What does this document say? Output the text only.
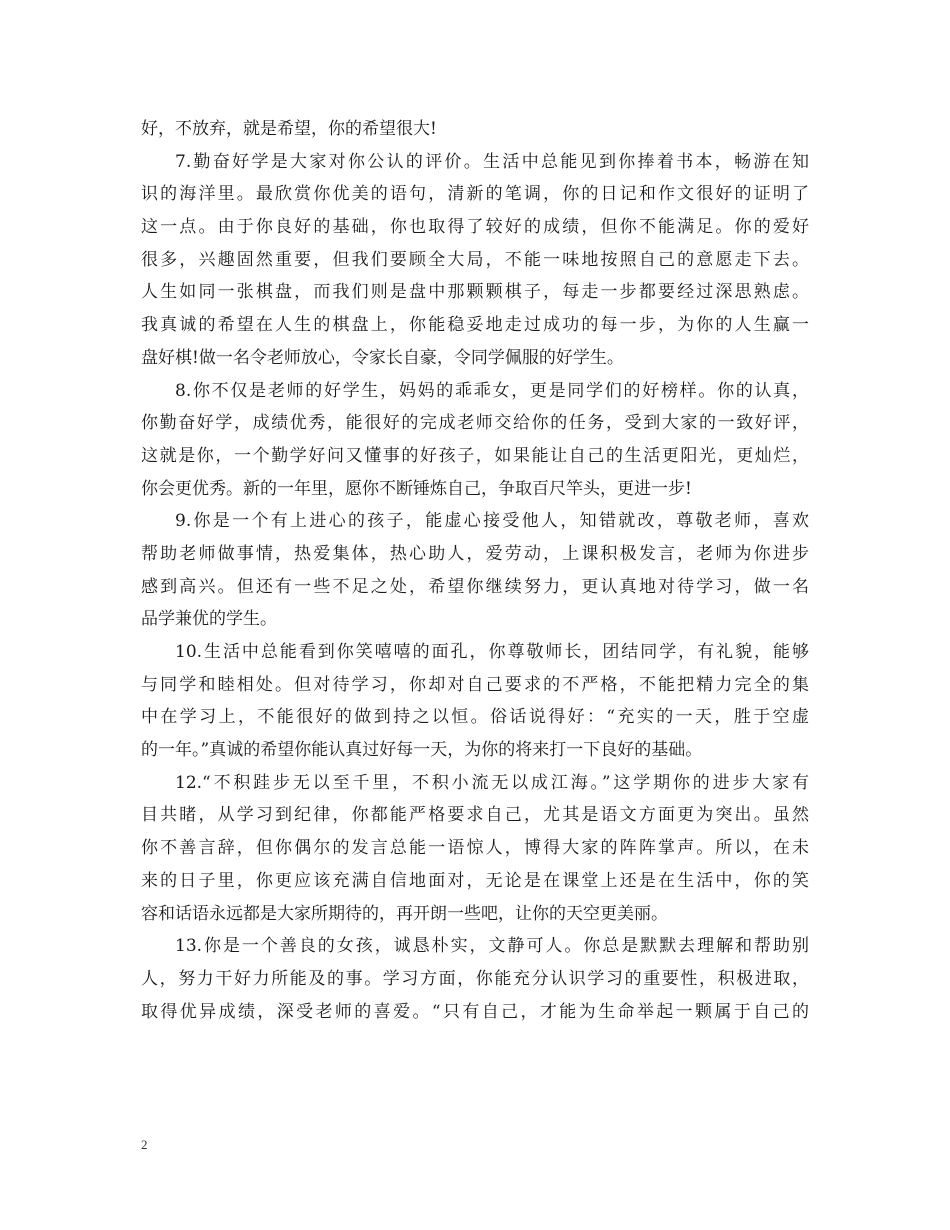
好，不放弃，就是希望，你的希望很大!
7.勤奋好学是大家对你公认的评价。生活中总能见到你捧着书本，畅游在知
识的海洋里。最欣赏你优美的语句，清新的笔调，你的日记和作文很好的证明了
这一点。由于你良好的基础，你也取得了较好的成绩，但你不能满足。你的爱好
很多，兴趣固然重要，但我们要顾全大局，不能一味地按照自己的意愿走下去。
人生如同一张棋盘，而我们则是盘中那颗颗棋子，每走一步都要经过深思熟虑。
我真诚的希望在人生的棋盘上，你能稳妥地走过成功的每一步，为你的人生赢一
盘好棋!做一名令老师放心，令家长自豪，令同学佩服的好学生。
8.你不仅是老师的好学生，妈妈的乖乖女，更是同学们的好榜样。你的认真，
你勤奋好学，成绩优秀，能很好的完成老师交给你的任务，受到大家的一致好评，
这就是你，一个勤学好问又懂事的好孩子，如果能让自己的生活更阳光，更灿烂，
你会更优秀。新的一年里，愿你不断锤炼自己，争取百尺竿头，更进一步!
9.你是一个有上进心的孩子，能虚心接受他人，知错就改，尊敬老师，喜欢
帮助老师做事情，热爱集体，热心助人，爱劳动，上课积极发言，老师为你进步
感到高兴。但还有一些不足之处，希望你继续努力，更认真地对待学习，做一名
品学兼优的学生。
10.生活中总能看到你笑嘻嘻的面孔，你尊敬师长，团结同学，有礼貌，能够
与同学和睦相处。但对待学习，你却对自己要求的不严格，不能把精力完全的集
中在学习上，不能很好的做到持之以恒。俗话说得好：“充实的一天，胜于空虚
的一年。”真诚的希望你能认真过好每一天，为你的将来打一下良好的基础。
12.“不积跬步无以至千里，不积小流无以成江海。”这学期你的进步大家有
目共睹，从学习到纪律，你都能严格要求自己，尤其是语文方面更为突出。虽然
你不善言辞，但你偶尔的发言总能一语惊人，博得大家的阵阵掌声。所以，在未
来的日子里，你更应该充满自信地面对，无论是在课堂上还是在生活中，你的笑
容和话语永远都是大家所期待的，再开朗一些吧，让你的天空更美丽。
13.你是一个善良的女孩，诚恳朴实，文静可人。你总是默默去理解和帮助别
人，努力干好力所能及的事。学习方面，你能充分认识学习的重要性，积极进取，
取得优异成绩，深受老师的喜爱。“只有自己，才能为生命举起一颗属于自己的
2
